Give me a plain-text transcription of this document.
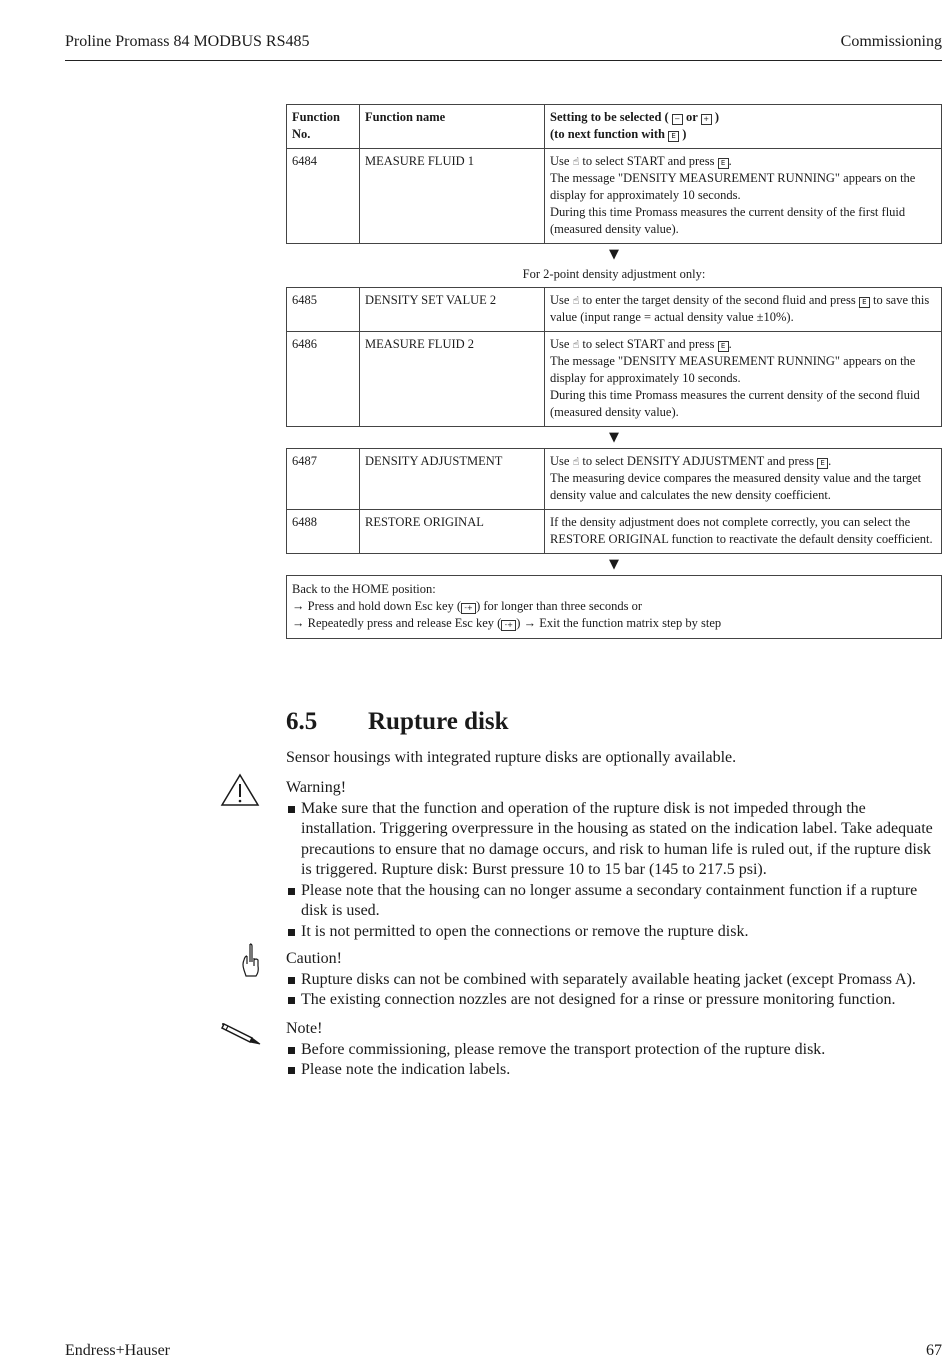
Proline Promass 84 MODBUS RS485	Commissioning
Function No.	Function name	Setting to be selected ( − or + )
(to next function with E )
6484	MEASURE FLUID 1	Use ☝ to select START and press E .
The message "DENSITY MEASUREMENT RUNNING" appears on the display for approximately 10 seconds.
During this time Promass measures the current density of the first fluid (measured density value).
▼
For 2-point density adjustment only:
6485	DENSITY SET VALUE 2	Use ☝ to enter the target density of the second fluid and press E to save this value (input range = actual density value ±10%).
6486	MEASURE FLUID 2	Use ☝ to select START and press E .
The message "DENSITY MEASUREMENT RUNNING" appears on the display for approximately 10 seconds.
During this time Promass measures the current density of the second fluid (measured density value).
▼
6487	DENSITY ADJUSTMENT	Use ☝ to select DENSITY ADJUSTMENT and press E .
The measuring device compares the measured density value and the target density value and calculates the new density coefficient.
6488	RESTORE ORIGINAL	If the density adjustment does not complete correctly, you can select the RESTORE ORIGINAL function to reactivate the default density coefficient.
▼
Back to the HOME position:
→ Press and hold down Esc key ( -+ ) for longer than three seconds or
→ Repeatedly press and release Esc key ( -+ ) → Exit the function matrix step by step
6.5 Rupture disk
Sensor housings with integrated rupture disks are optionally available.

Warning!

Make sure that the function and operation of the rupture disk is not impeded through the installation. Triggering overpressure in the housing as stated on the indication label. Take adequate precautions to ensure that no damage occurs, and risk to human life is ruled out, if the rupture disk is triggered. Rupture disk: Burst pressure 10 to 15 bar (145 to 217.5 psi).
Please note that the housing can no longer assume a secondary containment function if a rupture disk is used.
It is not permitted to open the connections or remove the rupture disk.

Caution!

Rupture disks can not be combined with separately available heating jacket (except Promass A).
The existing connection nozzles are not designed for a rinse or pressure monitoring function.

Note!

Before commissioning, please remove the transport protection of the rupture disk.
Please note the indication labels.
Endress+Hauser	67
